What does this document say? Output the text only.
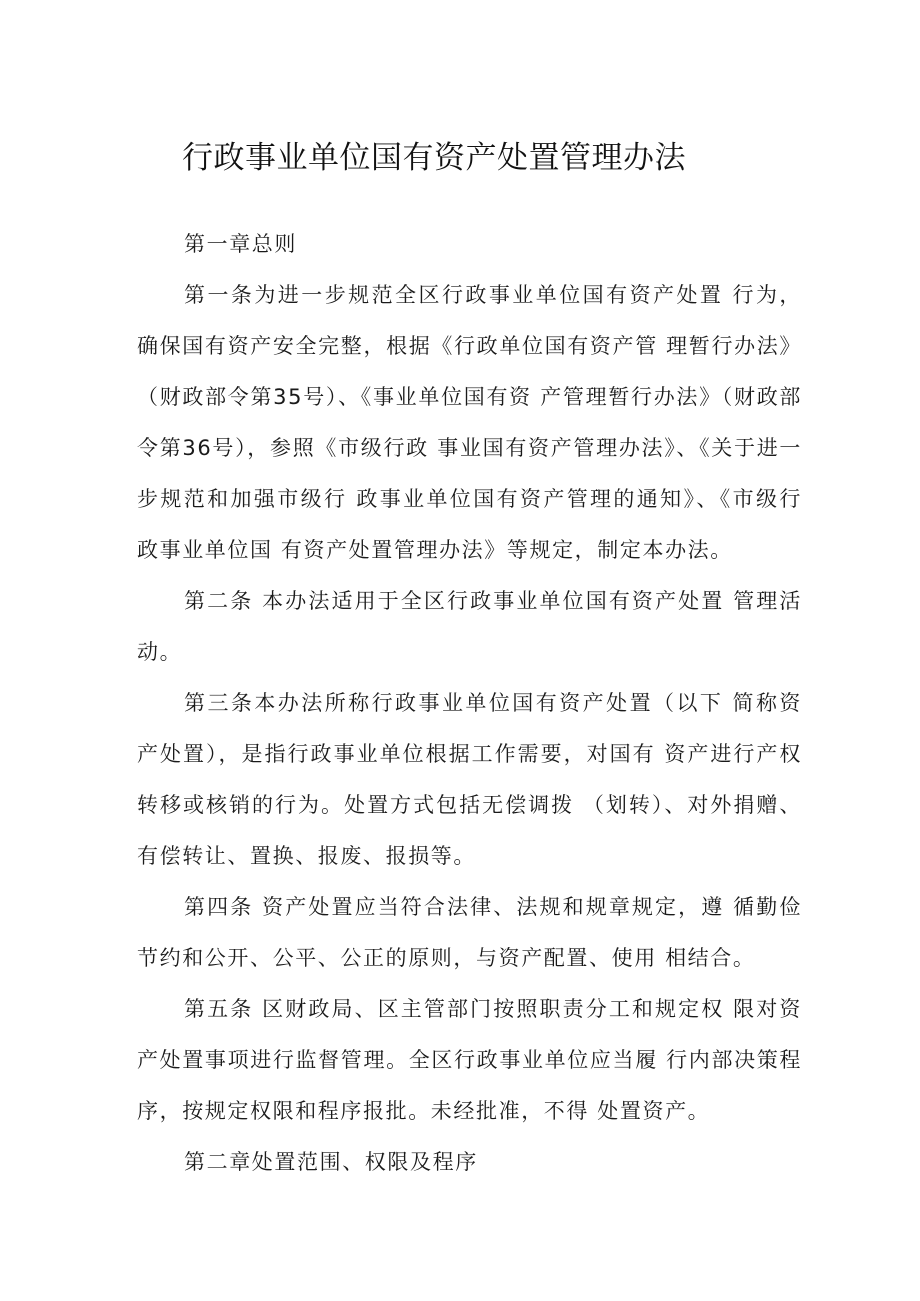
行政事业单位国有资产处置管理办法

第一章总则

第一条为进一步规范全区行政事业单位国有资产处置 行为，确保国有资产安全完整，根据《行政单位国有资产管 理暂行办法》（财政部令第35号）、《事业单位国有资 产管理暂行办法》（财政部令第36号），参照《市级行政 事业国有资产管理办法》、《关于进一步规范和加强市级行 政事业单位国有资产管理的通知》、《市级行政事业单位国 有资产处置管理办法》等规定，制定本办法。

第二条 本办法适用于全区行政事业单位国有资产处置 管理活动。

第三条本办法所称行政事业单位国有资产处置（以下 简称资产处置），是指行政事业单位根据工作需要，对国有 资产进行产权转移或核销的行为。处置方式包括无偿调拨 （划转）、对外捐赠、有偿转让、置换、报废、报损等。

第四条 资产处置应当符合法律、法规和规章规定，遵 循勤俭节约和公开、公平、公正的原则，与资产配置、使用 相结合。

第五条 区财政局、区主管部门按照职责分工和规定权 限对资产处置事项进行监督管理。全区行政事业单位应当履 行内部决策程序，按规定权限和程序报批。未经批准，不得 处置资产。

第二章处置范围、权限及程序
